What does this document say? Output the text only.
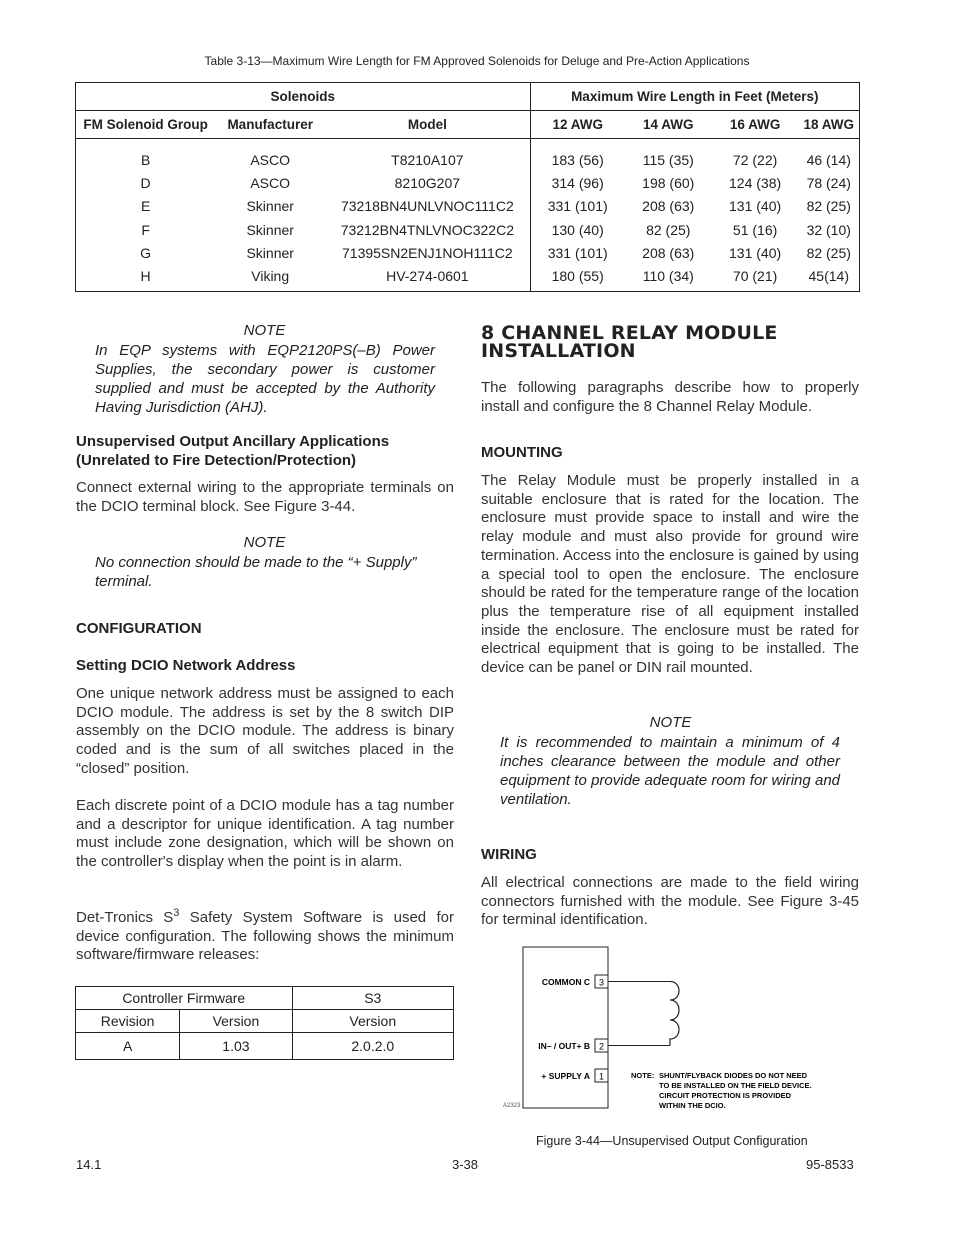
Table 3-13—Maximum Wire Length for FM Approved Solenoids for Deluge and Pre-Action Applications
Solenoids			Maximum Wire Length in Feet (Meters)			
FM Solenoid Group	Manufacturer	Model	12 AWG	14 AWG	16 AWG	18 AWG
B	ASCO	T8210A107	183 (56)	115 (35)	72 (22)	46 (14)
D	ASCO	8210G207	314 (96)	198 (60)	124 (38)	78 (24)
E	Skinner	73218BN4UNLVNOC111C2	331 (101)	208 (63)	131 (40)	82 (25)
F	Skinner	73212BN4TNLVNOC322C2	130 (40)	82 (25)	51 (16)	32 (10)
G	Skinner	71395SN2ENJ1NOH111C2	331 (101)	208 (63)	131 (40)	82 (25)
H	Viking	HV-274-0601	180 (55)	110 (34)	70 (21)	45(14)
NOTE
In EQP systems with EQP2120PS(–B) Power Supplies, the secondary power is customer supplied and must be accepted by the Authority Having Jurisdiction (AHJ).
Unsupervised Output Ancillary Applications (Unrelated to Fire Detection/Protection)
Connect external wiring to the appropriate terminals on the DCIO terminal block. See Figure 3-44.
NOTE
No connection should be made to the “+ Supply” terminal.
CONFIGURATION
Setting DCIO Network Address
One unique network address must be assigned to each DCIO module. The address is set by the 8 switch DIP assembly on the DCIO module. The address is binary coded and is the sum of all switches placed in the “closed” position.
Each discrete point of a DCIO module has a tag number and a descriptor for unique identification. A tag number must include zone designation, which will be shown on the controller's display when the point is in alarm.
Det-Tronics $S^3$ Safety System Software is used for device configuration. The following shows the minimum software/firmware releases:
Controller Firmware		S3
Revision	Version	Version
A	1.03	2.0.2.0
8 CHANNEL RELAY MODULE INSTALLATION
The following paragraphs describe how to properly install and configure the 8 Channel Relay Module.
MOUNTING
The Relay Module must be properly installed in a suitable enclosure that is rated for the location. The enclosure must provide space to install and wire the relay module and must also provide for ground wire termination. Access into the enclosure is gained by using a special tool to open the enclosure. The enclosure should be rated for the temperature range of the location plus the temperature rise of all equipment installed inside the enclosure. The enclosure must be rated for electrical equipment that is going to be installed. The device can be panel or DIN rail mounted.
NOTE
It is recommended to maintain a minimum of 4 inches clearance between the module and other equipment to provide adequate room for wiring and ventilation.
WIRING
All electrical connections are made to the field wiring connectors furnished with the module. See Figure 3-45 for terminal identification.
3
2
1
COMMON C
IN– / OUT+ B
+ SUPPLY A	NOTE: SHUNT/FLYBACK DIODES DO NOT NEED
TO BE INSTALLED ON THE FIELD DEVICE.
CIRCUIT PROTECTION IS PROVIDED
WITHIN THE DCIO.
A2323
Figure 3-44—Unsupervised Output Configuration
14.1	3-38	95-8533
